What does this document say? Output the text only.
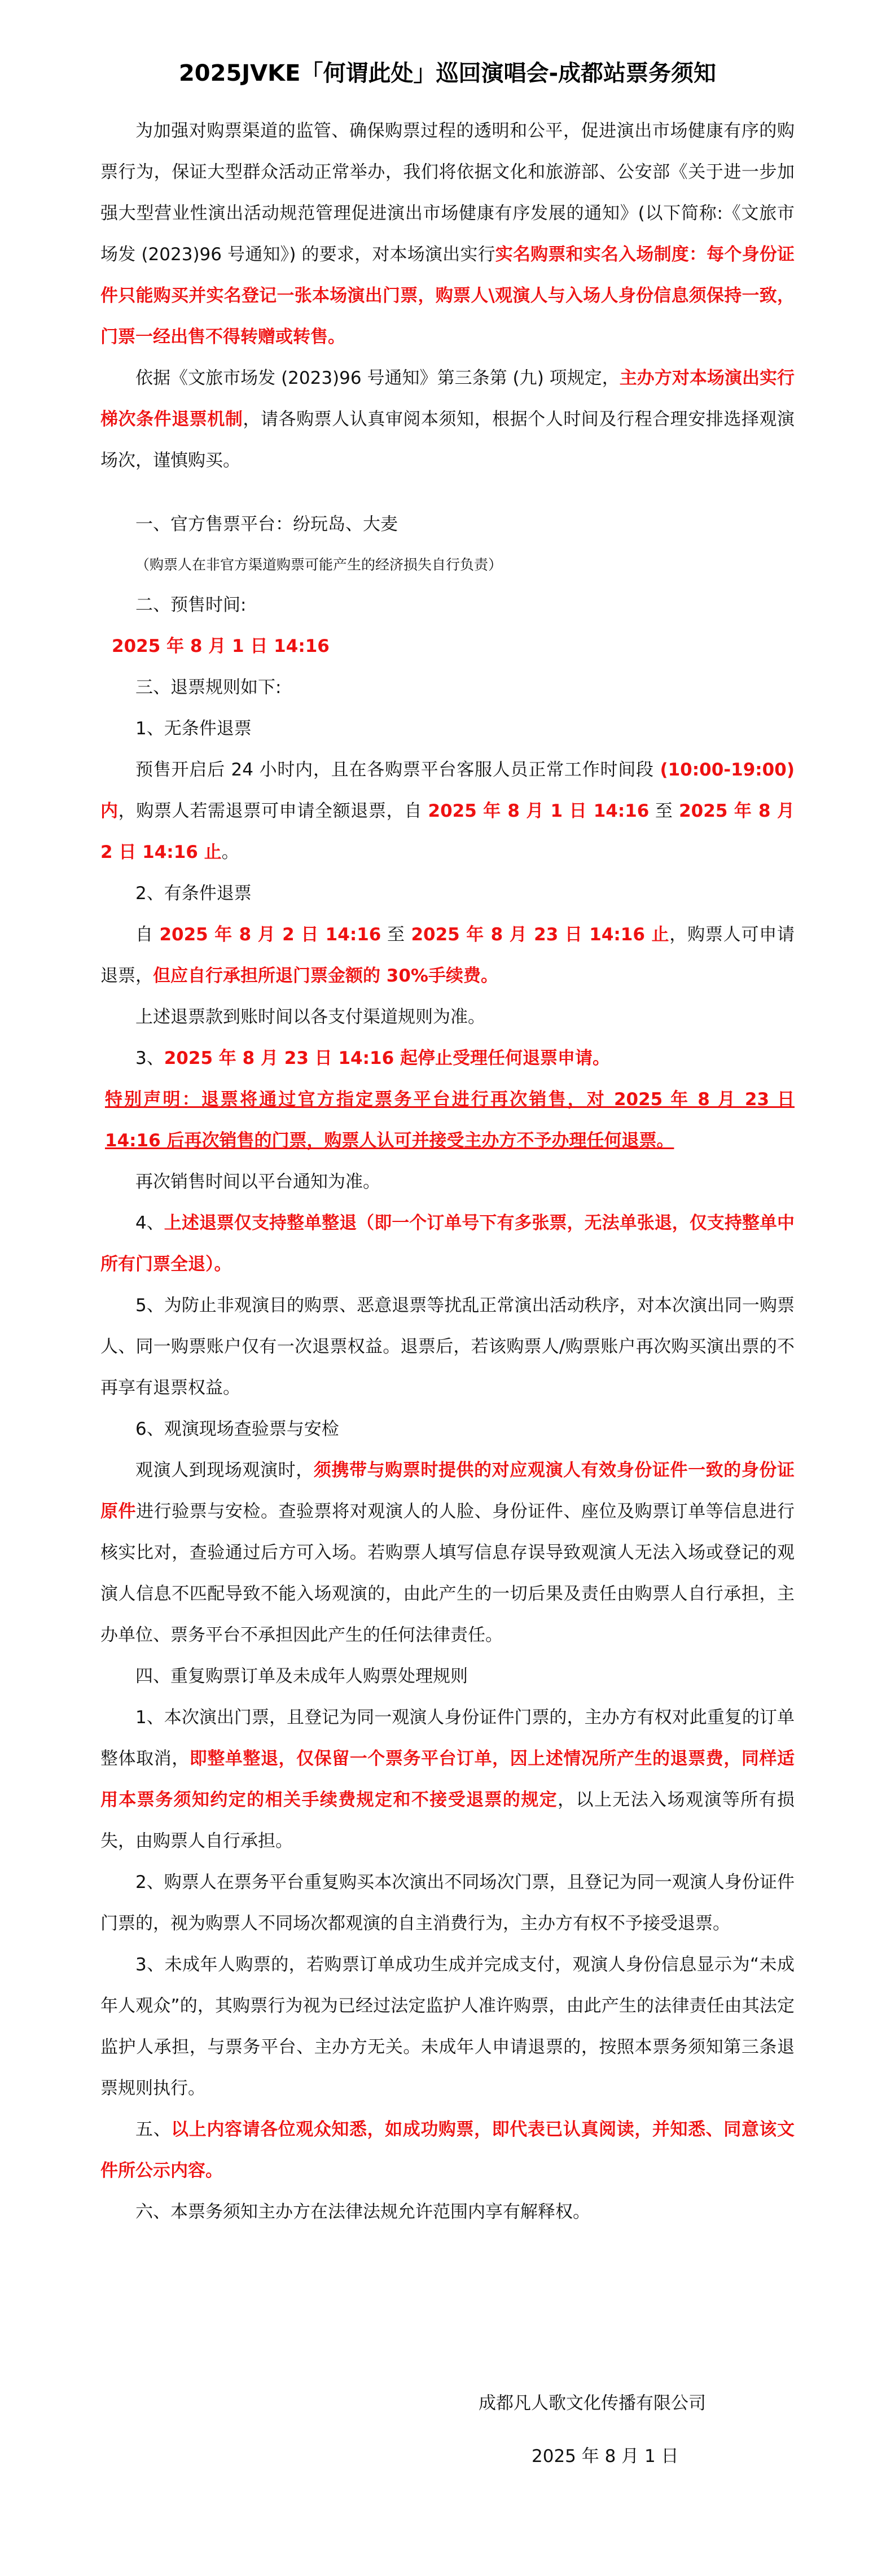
2025JVKE「何谓此处」巡回演唱会-成都站票务须知

为加强对购票渠道的监管、确保购票过程的透明和公平，促进演出市场健康有序的购票行为，保证大型群众活动正常举办，我们将依据文化和旅游部、公安部《关于进一步加强大型营业性演出活动规范管理促进演出市场健康有序发展的通知》(以下简称:《文旅市场发 (2023)96 号通知》) 的要求，对本场演出实行实名购票和实名入场制度：每个身份证件只能购买并实名登记一张本场演出门票，购票人\观演人与入场人身份信息须保持一致，门票一经出售不得转赠或转售。

依据《文旅市场发 (2023)96 号通知》第三条第 (九) 项规定，主办方对本场演出实行梯次条件退票机制，请各购票人认真审阅本须知，根据个人时间及行程合理安排选择观演场次，谨慎购买。

一、官方售票平台：纷玩岛、大麦

（购票人在非官方渠道购票可能产生的经济损失自行负责）

二、预售时间:

2025 年 8 月 1 日 14:16

三、退票规则如下:

1、无条件退票

预售开启后 24 小时内，且在各购票平台客服人员正常工作时间段 (10:00-19:00) 内，购票人若需退票可申请全额退票，自 2025 年 8 月 1 日 14:16 至 2025 年 8 月 2 日 14:16 止。

2、有条件退票

自 2025 年 8 月 2 日 14:16 至 2025 年 8 月 23 日 14:16 止，购票人可申请退票，但应自行承担所退门票金额的 30%手续费。

上述退票款到账时间以各支付渠道规则为准。

3、2025 年 8 月 23 日 14:16 起停止受理任何退票申请。

特别声明：退票将通过官方指定票务平台进行再次销售，对 2025 年 8 月 23 日 14:16 后再次销售的门票，购票人认可并接受主办方不予办理任何退票。

再次销售时间以平台通知为准。

4、上述退票仅支持整单整退（即一个订单号下有多张票，无法单张退，仅支持整单中所有门票全退）。

5、为防止非观演目的购票、恶意退票等扰乱正常演出活动秩序，对本次演出同一购票人、同一购票账户仅有一次退票权益。退票后，若该购票人/购票账户再次购买演出票的不再享有退票权益。

6、观演现场查验票与安检

观演人到现场观演时，须携带与购票时提供的对应观演人有效身份证件一致的身份证原件进行验票与安检。查验票将对观演人的人脸、身份证件、座位及购票订单等信息进行核实比对，查验通过后方可入场。若购票人填写信息存误导致观演人无法入场或登记的观演人信息不匹配导致不能入场观演的，由此产生的一切后果及责任由购票人自行承担，主办单位、票务平台不承担因此产生的任何法律责任。

四、重复购票订单及未成年人购票处理规则

1、本次演出门票，且登记为同一观演人身份证件门票的，主办方有权对此重复的订单整体取消，即整单整退，仅保留一个票务平台订单，因上述情况所产生的退票费，同样适用本票务须知约定的相关手续费规定和不接受退票的规定，以上无法入场观演等所有损失，由购票人自行承担。

2、购票人在票务平台重复购买本次演出不同场次门票，且登记为同一观演人身份证件门票的，视为购票人不同场次都观演的自主消费行为，主办方有权不予接受退票。

3、未成年人购票的，若购票订单成功生成并完成支付，观演人身份信息显示为“未成年人观众”的，其购票行为视为已经过法定监护人准许购票，由此产生的法律责任由其法定监护人承担，与票务平台、主办方无关。未成年人申请退票的，按照本票务须知第三条退票规则执行。

五、以上内容请各位观众知悉，如成功购票，即代表已认真阅读，并知悉、同意该文件所公示内容。

六、本票务须知主办方在法律法规允许范围内享有解释权。

成都凡人歌文化传播有限公司
2025 年 8 月 1 日
